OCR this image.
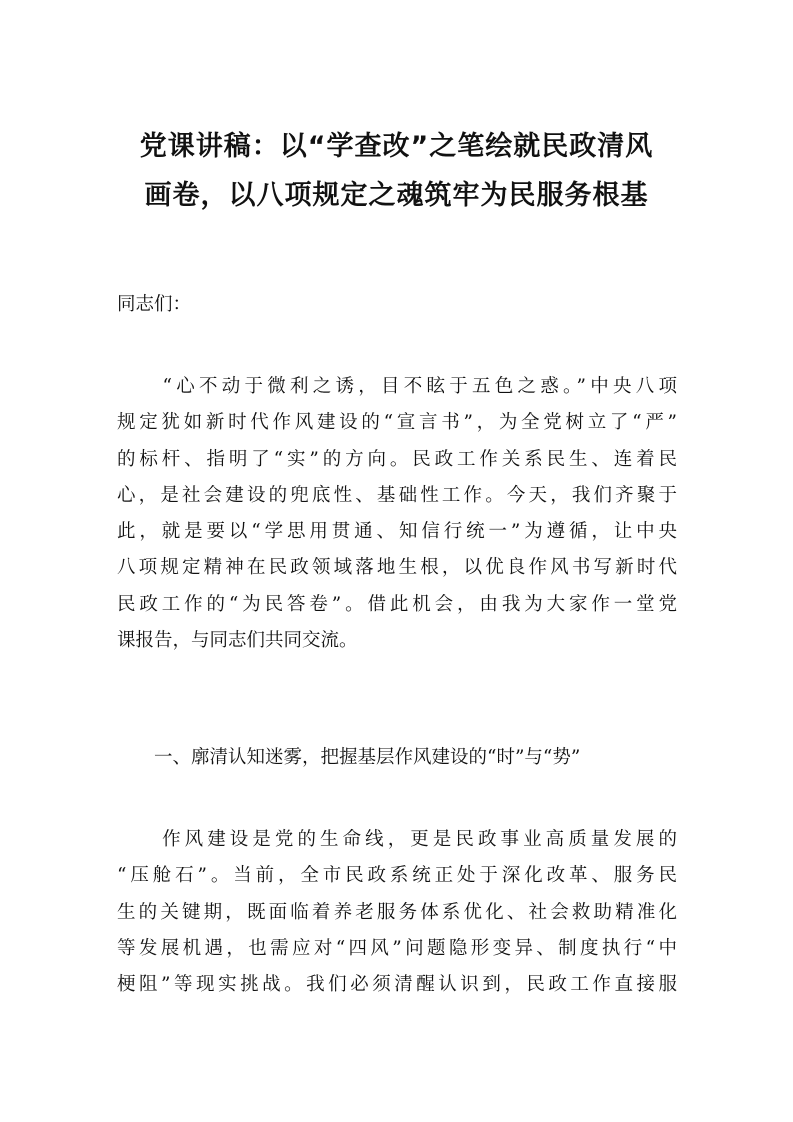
党课讲稿：以“学查改”之笔绘就民政清风
画卷，以八项规定之魂筑牢为民服务根基

同志们：

　　“心不动于微利之诱，目不眩于五色之惑。”中央八项
规定犹如新时代作风建设的“宣言书”，为全党树立了“严”
的标杆、指明了“实”的方向。民政工作关系民生、连着民
心，是社会建设的兜底性、基础性工作。今天，我们齐聚于
此，就是要以“学思用贯通、知信行统一”为遵循，让中央
八项规定精神在民政领域落地生根，以优良作风书写新时代
民政工作的“为民答卷”。借此机会，由我为大家作一堂党
课报告，与同志们共同交流。

　　一、廓清认知迷雾，把握基层作风建设的“时”与“势”

　　作风建设是党的生命线，更是民政事业高质量发展的
“压舱石”。当前，全市民政系统正处于深化改革、服务民
生的关键期，既面临着养老服务体系优化、社会救助精准化
等发展机遇，也需应对“四风”问题隐形变异、制度执行“中
梗阻”等现实挑战。我们必须清醒认识到，民政工作直接服
